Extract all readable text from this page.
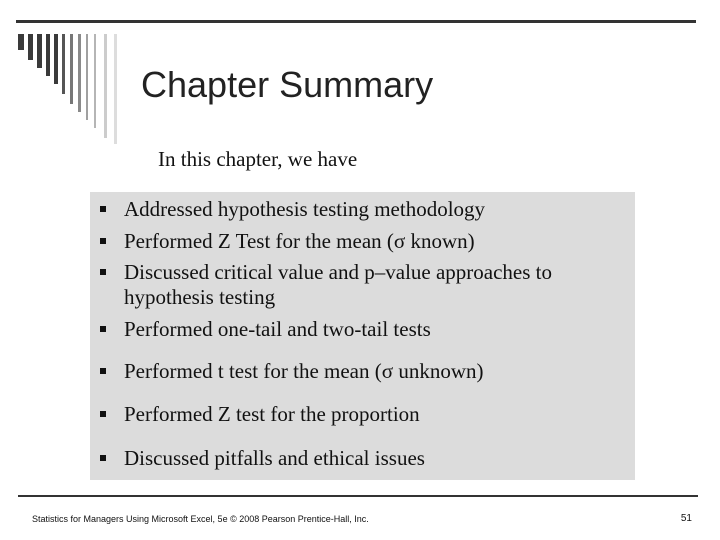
Chapter Summary
In this chapter, we have
Addressed hypothesis testing methodology
Performed Z Test for the mean (σ known)
Discussed critical value and p–value approaches to hypothesis testing
Performed one-tail and two-tail tests
Performed t test for the mean (σ unknown)
Performed Z test for the proportion
Discussed pitfalls and ethical issues
Statistics for Managers Using Microsoft Excel, 5e © 2008 Pearson Prentice-Hall, Inc.	51
